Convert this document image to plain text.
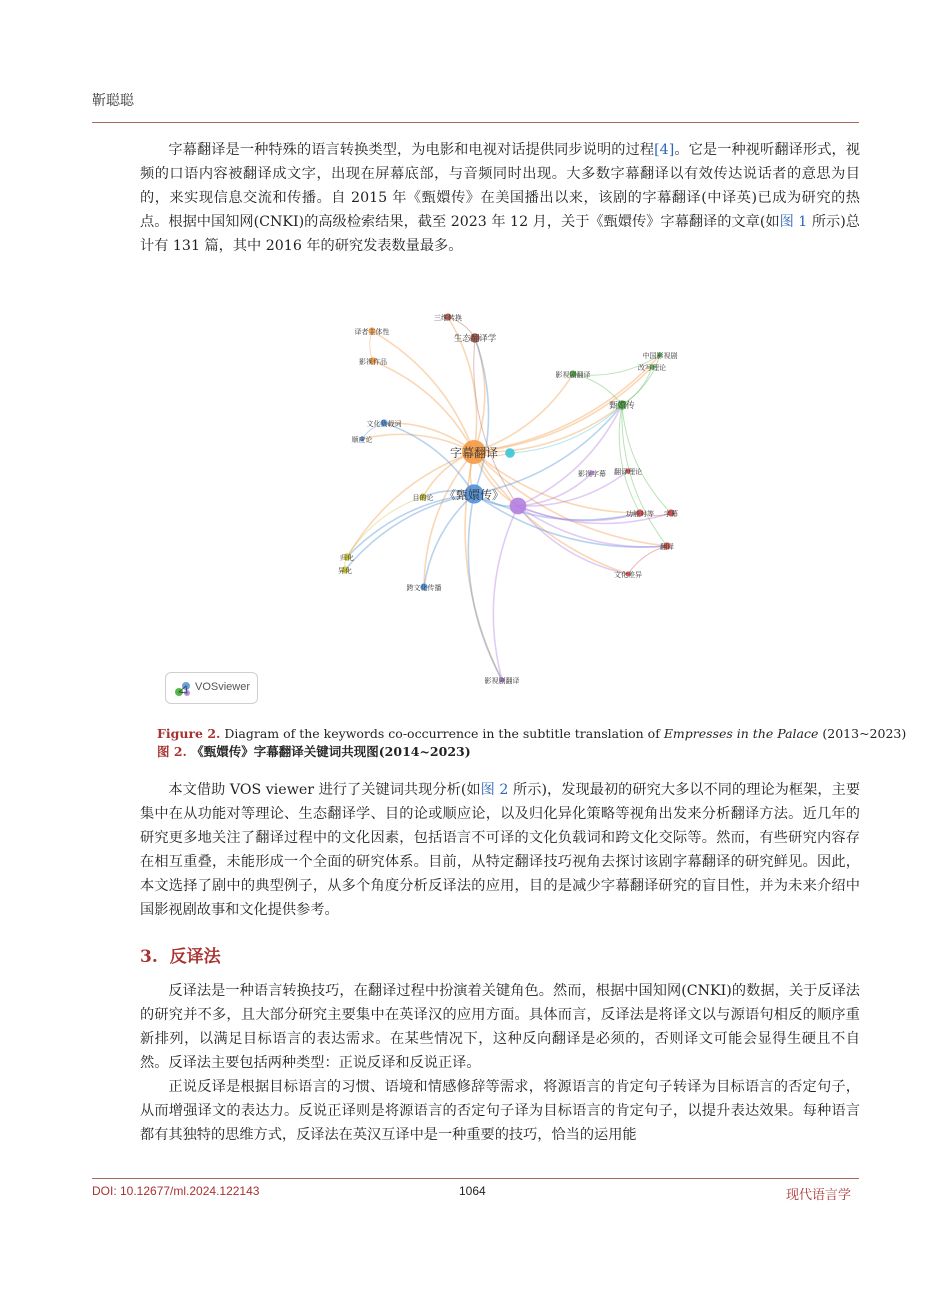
靳聪聪

字幕翻译是一种特殊的语言转换类型，为电影和电视对话提供同步说明的过程[4]。它是一种视听翻译形式，视频的口语内容被翻译成文字，出现在屏幕底部，与音频同时出现。大多数字幕翻译以有效传达说话者的意思为目的，来实现信息交流和传播。自 2015 年《甄嬛传》在美国播出以来，该剧的字幕翻译(中译英)已成为研究的热点。根据中国知网(CNKI)的高级检索结果，截至 2023 年 12 月，关于《甄嬛传》字幕翻译的文章(如图 1 所示)总计有 131 篇，其中 2016 年的研究发表数量最多。

字幕翻译
《甄嬛传》
三维转换
生态翻译学
译者主体性
影视作品
文化负载词
顺应论
目的论
归化
异化
跨文化传播
影视剧翻译
影视剧翻译
中国影视剧
改写理论
甄嬛传
影视字幕 翻译理论
功能对等 字幕
翻译
文化差异
VOSviewer
Figure 2. Diagram of the keywords co-occurrence in the subtitle translation of Empresses in the Palace (2013~2023)
图 2. 《甄嬛传》字幕翻译关键词共现图(2014~2023)

本文借助 VOS viewer 进行了关键词共现分析(如图 2 所示)，发现最初的研究大多以不同的理论为框架，主要集中在从功能对等理论、生态翻译学、目的论或顺应论，以及归化异化策略等视角出发来分析翻译方法。近几年的研究更多地关注了翻译过程中的文化因素，包括语言不可译的文化负载词和跨文化交际等。然而，有些研究内容存在相互重叠，未能形成一个全面的研究体系。目前，从特定翻译技巧视角去探讨该剧字幕翻译的研究鲜见。因此，本文选择了剧中的典型例子，从多个角度分析反译法的应用，目的是减少字幕翻译研究的盲目性，并为未来介绍中国影视剧故事和文化提供参考。

3. 反译法

反译法是一种语言转换技巧，在翻译过程中扮演着关键角色。然而，根据中国知网(CNKI)的数据，关于反译法的研究并不多，且大部分研究主要集中在英译汉的应用方面。具体而言，反译法是将译文以与源语句相反的顺序重新排列，以满足目标语言的表达需求。在某些情况下，这种反向翻译是必须的，否则译文可能会显得生硬且不自然。反译法主要包括两种类型：正说反译和反说正译。

正说反译是根据目标语言的习惯、语境和情感修辞等需求，将源语言的肯定句子转译为目标语言的否定句子，从而增强译文的表达力。反说正译则是将源语言的否定句子译为目标语言的肯定句子，以提升表达效果。每种语言都有其独特的思维方式，反译法在英汉互译中是一种重要的技巧，恰当的运用能

DOI: 10.12677/ml.2024.122143	1064	现代语言学
